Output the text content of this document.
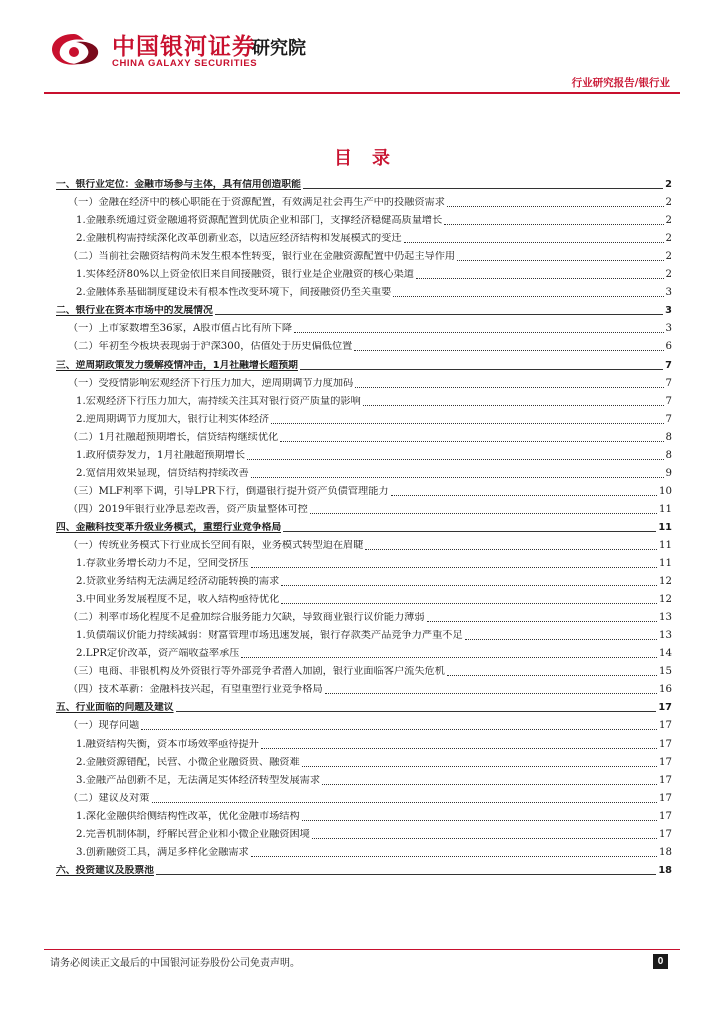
中国银河证券
CHINA GALAXY SECURITIES
研究院
行业研究报告/银行业
目录
一、银行业定位：金融市场参与主体，具有信用创造职能	2
（一）金融在经济中的核心职能在于资源配置，有效满足社会再生产中的投融资需求	2
1.金融系统通过资金融通将资源配置到优质企业和部门，支撑经济稳健高质量增长	2
2.金融机构需持续深化改革创新业态，以适应经济结构和发展模式的变迁	2
（二）当前社会融资结构尚未发生根本性转变，银行业在金融资源配置中仍起主导作用	2
1.实体经济80%以上资金依旧来自间接融资，银行业是企业融资的核心渠道	2
2.金融体系基础制度建设未有根本性改变环境下，间接融资仍至关重要	3
二、银行业在资本市场中的发展情况	3
（一）上市家数增至36家，A股市值占比有所下降	3
（二）年初至今板块表现弱于沪深300，估值处于历史偏低位置	6
三、逆周期政策发力缓解疫情冲击，1月社融增长超预期	7
（一）受疫情影响宏观经济下行压力加大，逆周期调节力度加码	7
1.宏观经济下行压力加大，需持续关注其对银行资产质量的影响	7
2.逆周期调节力度加大，银行让利实体经济	7
（二）1月社融超预期增长，信贷结构继续优化	8
1.政府债券发力，1月社融超预期增长	8
2.宽信用效果显现，信贷结构持续改善	9
（三）MLF利率下调，引导LPR下行，倒逼银行提升资产负债管理能力	10
（四）2019年银行业净息差改善，资产质量整体可控	11
四、金融科技变革升级业务模式，重塑行业竞争格局	11
（一）传统业务模式下行业成长空间有限，业务模式转型迫在眉睫	11
1.存款业务增长动力不足，空间受挤压	11
2.贷款业务结构无法满足经济动能转换的需求	12
3.中间业务发展程度不足，收入结构亟待优化	12
（二）利率市场化程度不足叠加综合服务能力欠缺，导致商业银行议价能力薄弱	13
1.负债端议价能力持续减弱：财富管理市场迅速发展，银行存款类产品竞争力严重不足	13
2.LPR定价改革，资产端收益率承压	14
（三）电商、非银机构及外资银行等外部竞争者潜入加剧，银行业面临客户流失危机	15
（四）技术革新：金融科技兴起，有望重塑行业竞争格局	16
五、行业面临的问题及建议	17
（一）现存问题	17
1.融资结构失衡，资本市场效率亟待提升	17
2.金融资源错配，民营、小微企业融资贵、融资难	17
3.金融产品创新不足，无法满足实体经济转型发展需求	17
（二）建议及对策	17
1.深化金融供给侧结构性改革，优化金融市场结构	17
2.完善机制体制，纾解民营企业和小微企业融资困境	17
3.创新融资工具，满足多样化金融需求	18
六、投资建议及股票池	18
请务必阅读正文最后的中国银河证券股份公司免责声明。	0
